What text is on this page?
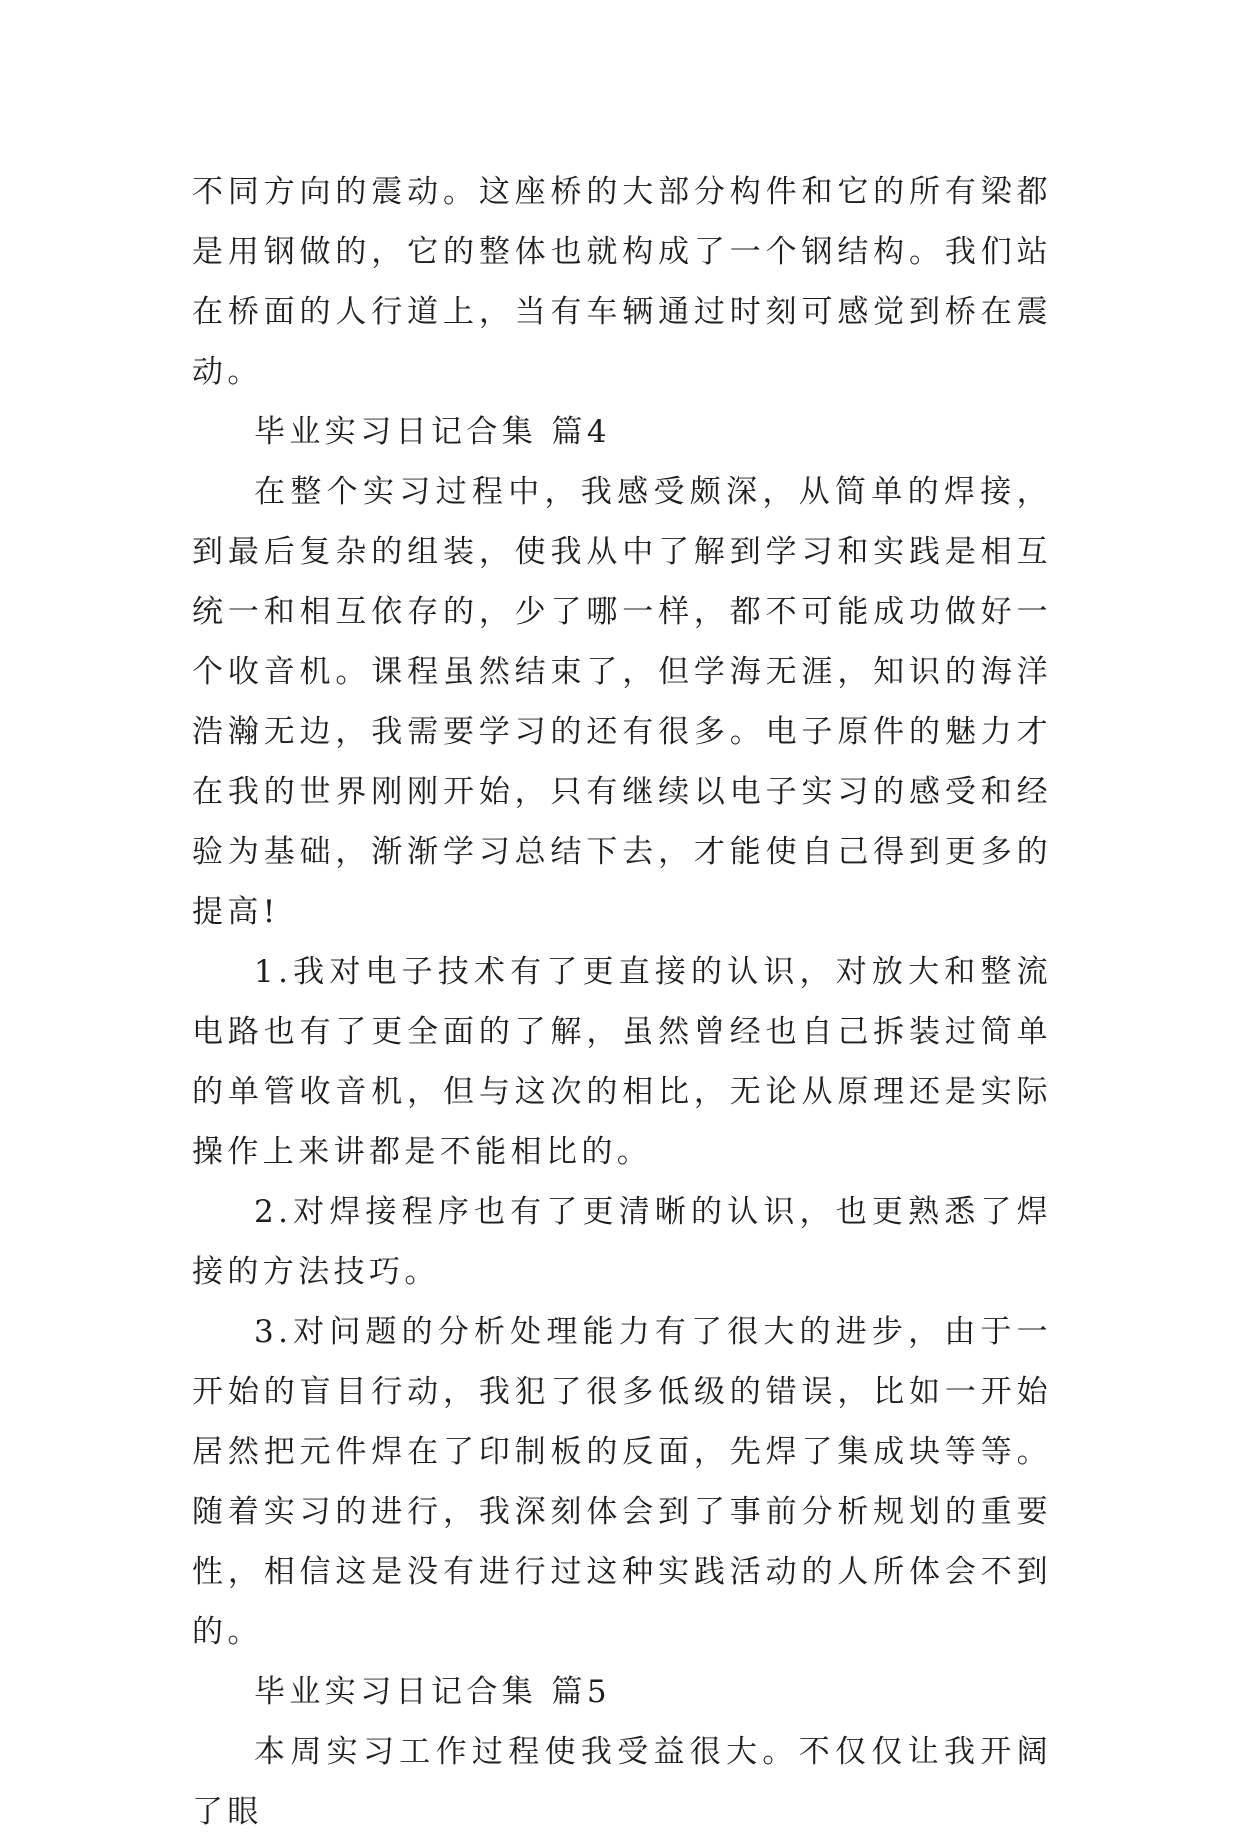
不同方向的震动。这座桥的大部分构件和它的所有梁都是用钢做的，它的整体也就构成了一个钢结构。我们站在桥面的人行道上，当有车辆通过时刻可感觉到桥在震动。

毕业实习日记合集 篇4

在整个实习过程中，我感受颇深，从简单的焊接，到最后复杂的组装，使我从中了解到学习和实践是相互统一和相互依存的，少了哪一样，都不可能成功做好一个收音机。课程虽然结束了，但学海无涯，知识的海洋浩瀚无边，我需要学习的还有很多。电子原件的魅力才在我的世界刚刚开始，只有继续以电子实习的感受和经验为基础，渐渐学习总结下去，才能使自己得到更多的提高!

1.我对电子技术有了更直接的认识，对放大和整流电路也有了更全面的了解，虽然曾经也自己拆装过简单的单管收音机，但与这次的相比，无论从原理还是实际操作上来讲都是不能相比的。

2.对焊接程序也有了更清晰的认识，也更熟悉了焊接的方法技巧。

3.对问题的分析处理能力有了很大的进步，由于一开始的盲目行动，我犯了很多低级的错误，比如一开始居然把元件焊在了印制板的反面，先焊了集成块等等。随着实习的进行，我深刻体会到了事前分析规划的重要性，相信这是没有进行过这种实践活动的人所体会不到的。

毕业实习日记合集 篇5

本周实习工作过程使我受益很大。不仅仅让我开阔了眼
